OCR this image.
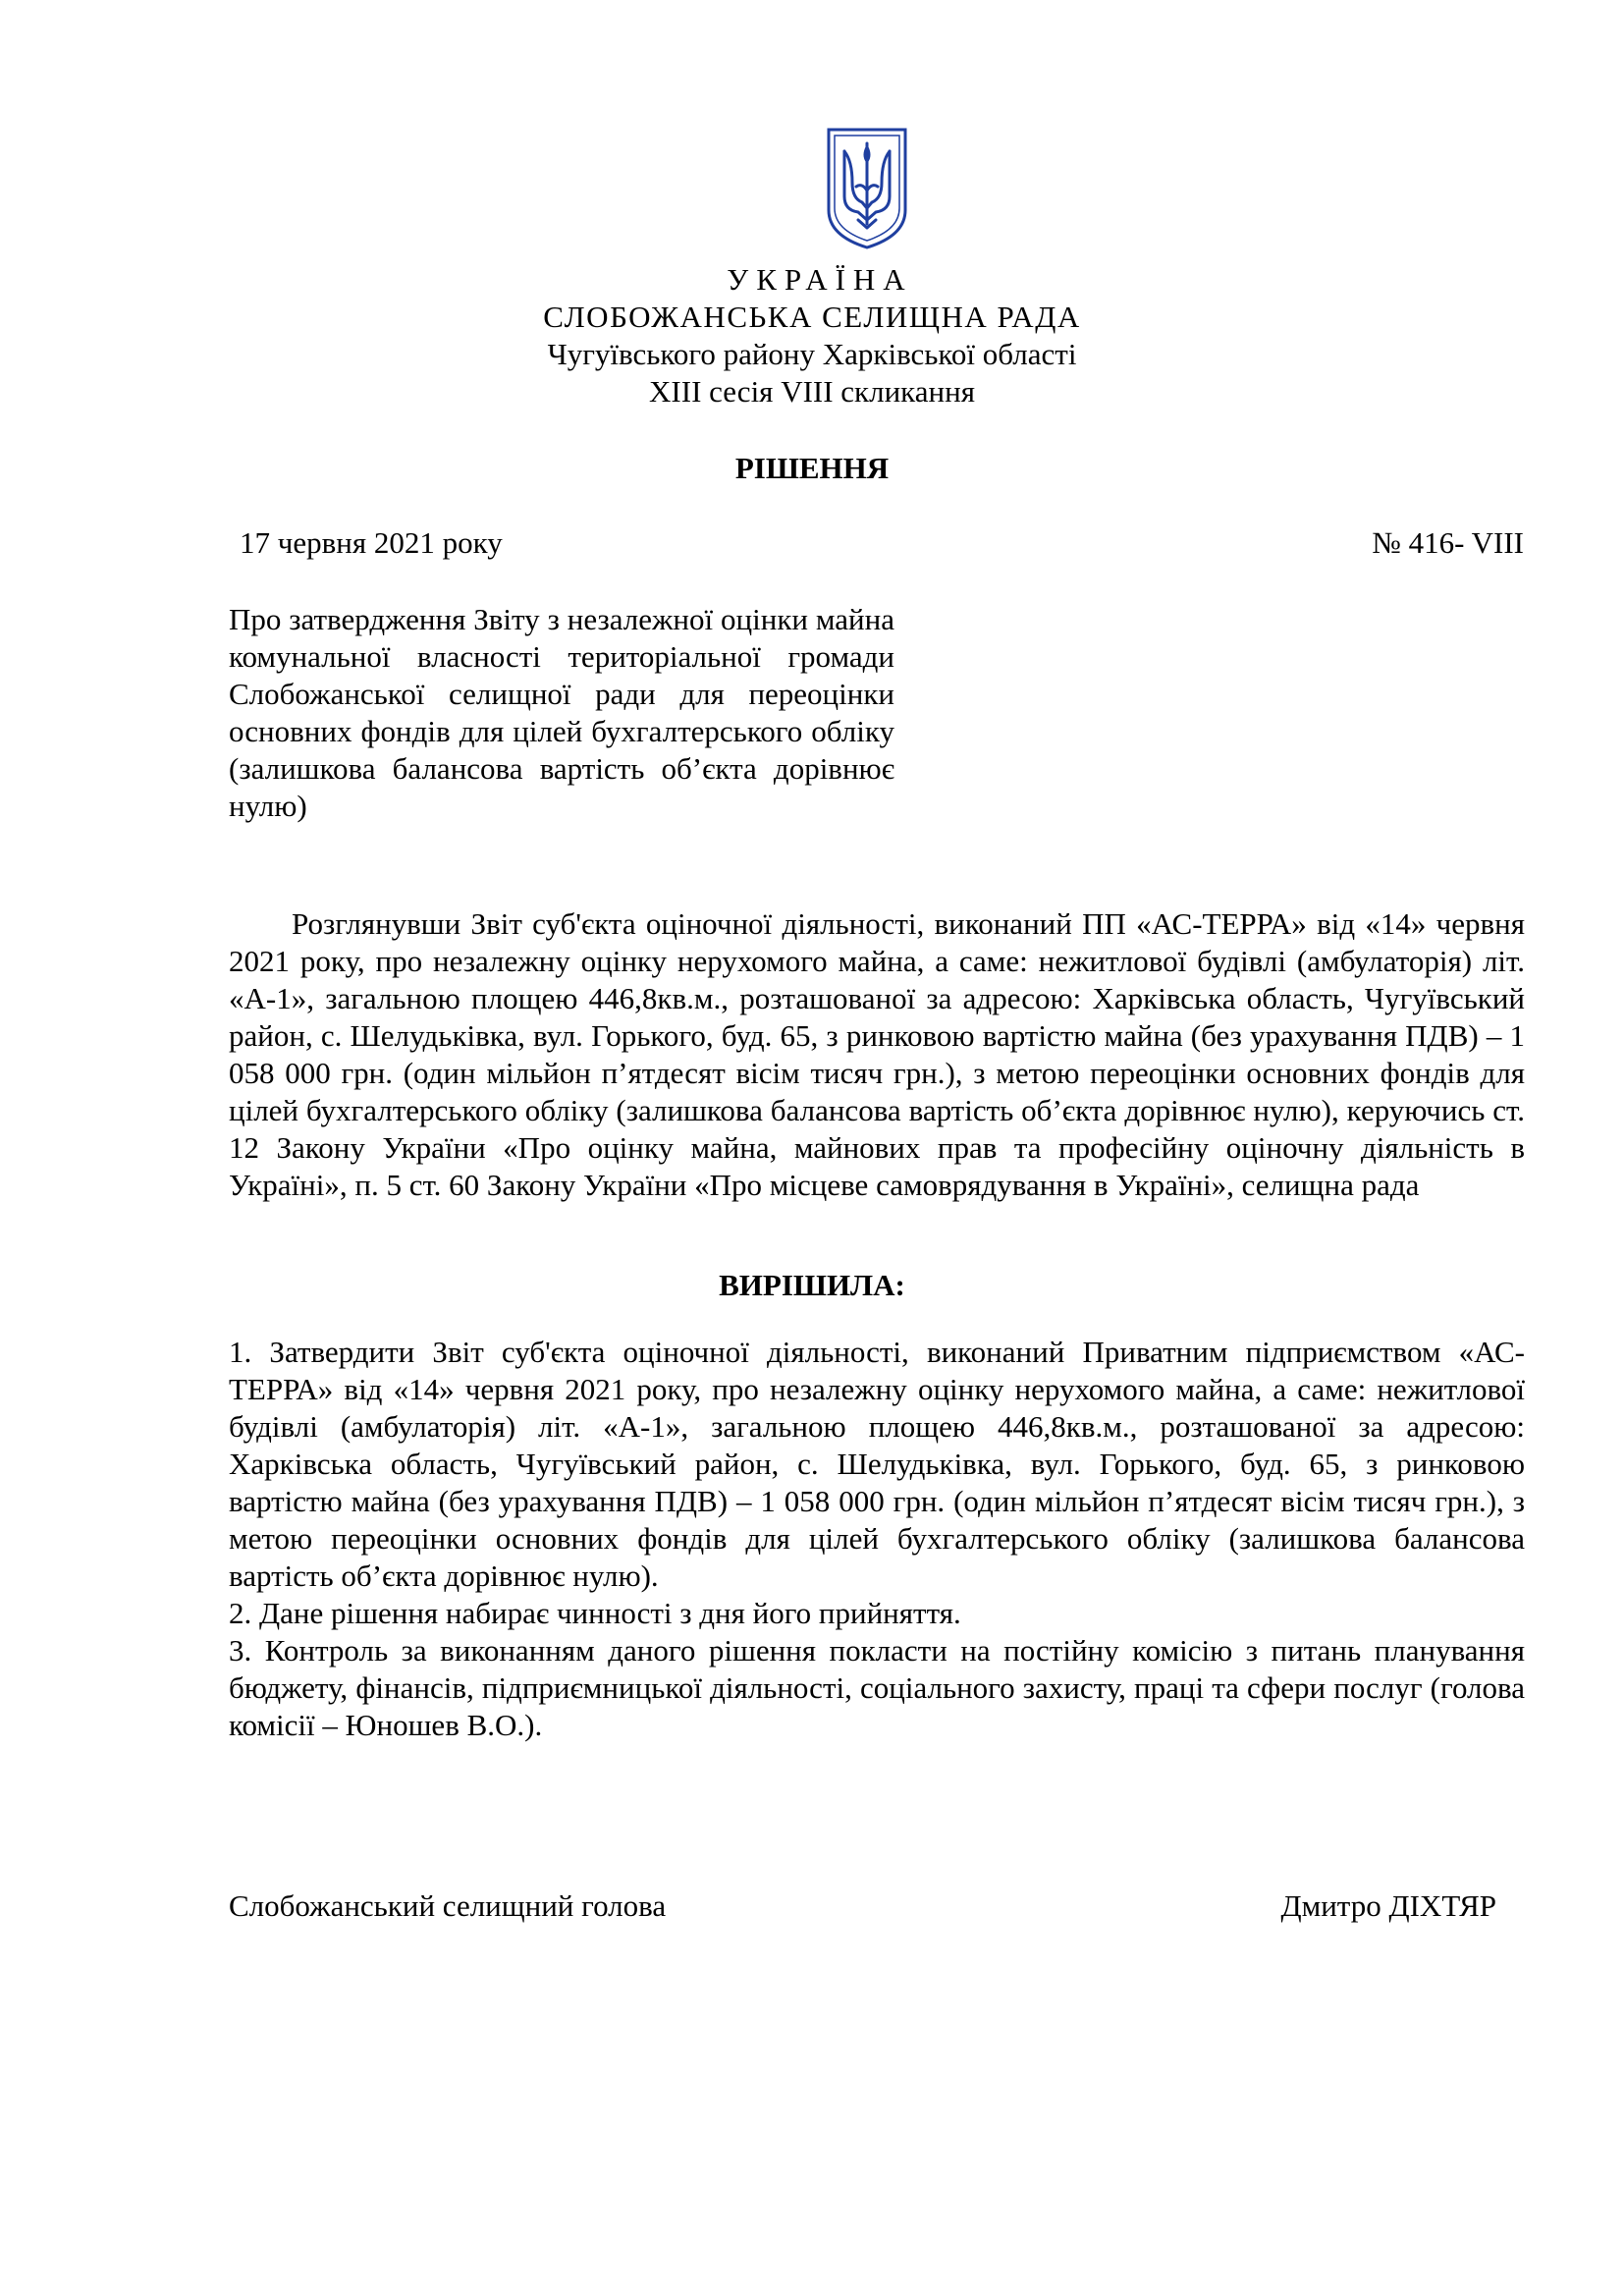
УКРАЇНА
СЛОБОЖАНСЬКА СЕЛИЩНА РАДА
Чугуївського району Харківської області
XIII сесія VIII скликання
РІШЕННЯ
17 червня 2021 року	№ 416- VIII
Про затвердження Звіту з незалежної оцінки майна комунальної власності територіальної громади Слобожанської селищної ради для переоцінки основних фондів для цілей бухгалтерського обліку (залишкова балансова вартість об’єкта дорівнює нулю)
Розглянувши Звіт суб'єкта оціночної діяльності, виконаний ПП «АС-ТЕРРА» від «14» червня 2021 року, про незалежну оцінку нерухомого майна, а саме: нежитлової будівлі (амбулаторія) літ. «А-1», загальною площею 446,8кв.м., розташованої за адресою: Харківська область, Чугуївський район, с. Шелудьківка, вул. Горького, буд. 65, з ринковою вартістю майна (без урахування ПДВ) – 1 058 000 грн. (один мільйон п’ятдесят вісім тисяч грн.), з метою переоцінки основних фондів для цілей бухгалтерського обліку (залишкова балансова вартість об’єкта дорівнює нулю), керуючись ст. 12 Закону України «Про оцінку майна, майнових прав та професійну оціночну діяльність в Україні», п. 5 ст. 60 Закону України «Про місцеве самоврядування в Україні», селищна рада
ВИРІШИЛА:

1. Затвердити Звіт суб'єкта оціночної діяльності, виконаний Приватним підприємством «АС-ТЕРРА» від «14» червня 2021 року, про незалежну оцінку нерухомого майна, а саме: нежитлової будівлі (амбулаторія) літ. «А-1», загальною площею 446,8кв.м., розташованої за адресою: Харківська область, Чугуївський район, с. Шелудьківка, вул. Горького, буд. 65, з ринковою вартістю майна (без урахування ПДВ) – 1 058 000 грн. (один мільйон п’ятдесят вісім тисяч грн.), з метою переоцінки основних фондів для цілей бухгалтерського обліку (залишкова балансова вартість об’єкта дорівнює нулю).

2. Дане рішення набирає чинності з дня його прийняття.

3. Контроль за виконанням даного рішення покласти на постійну комісію з питань планування бюджету, фінансів, підприємницької діяльності, соціального захисту, праці та сфери послуг (голова комісії – Юношев В.О.).

Слобожанський селищний голова	Дмитро ДІХТЯР
